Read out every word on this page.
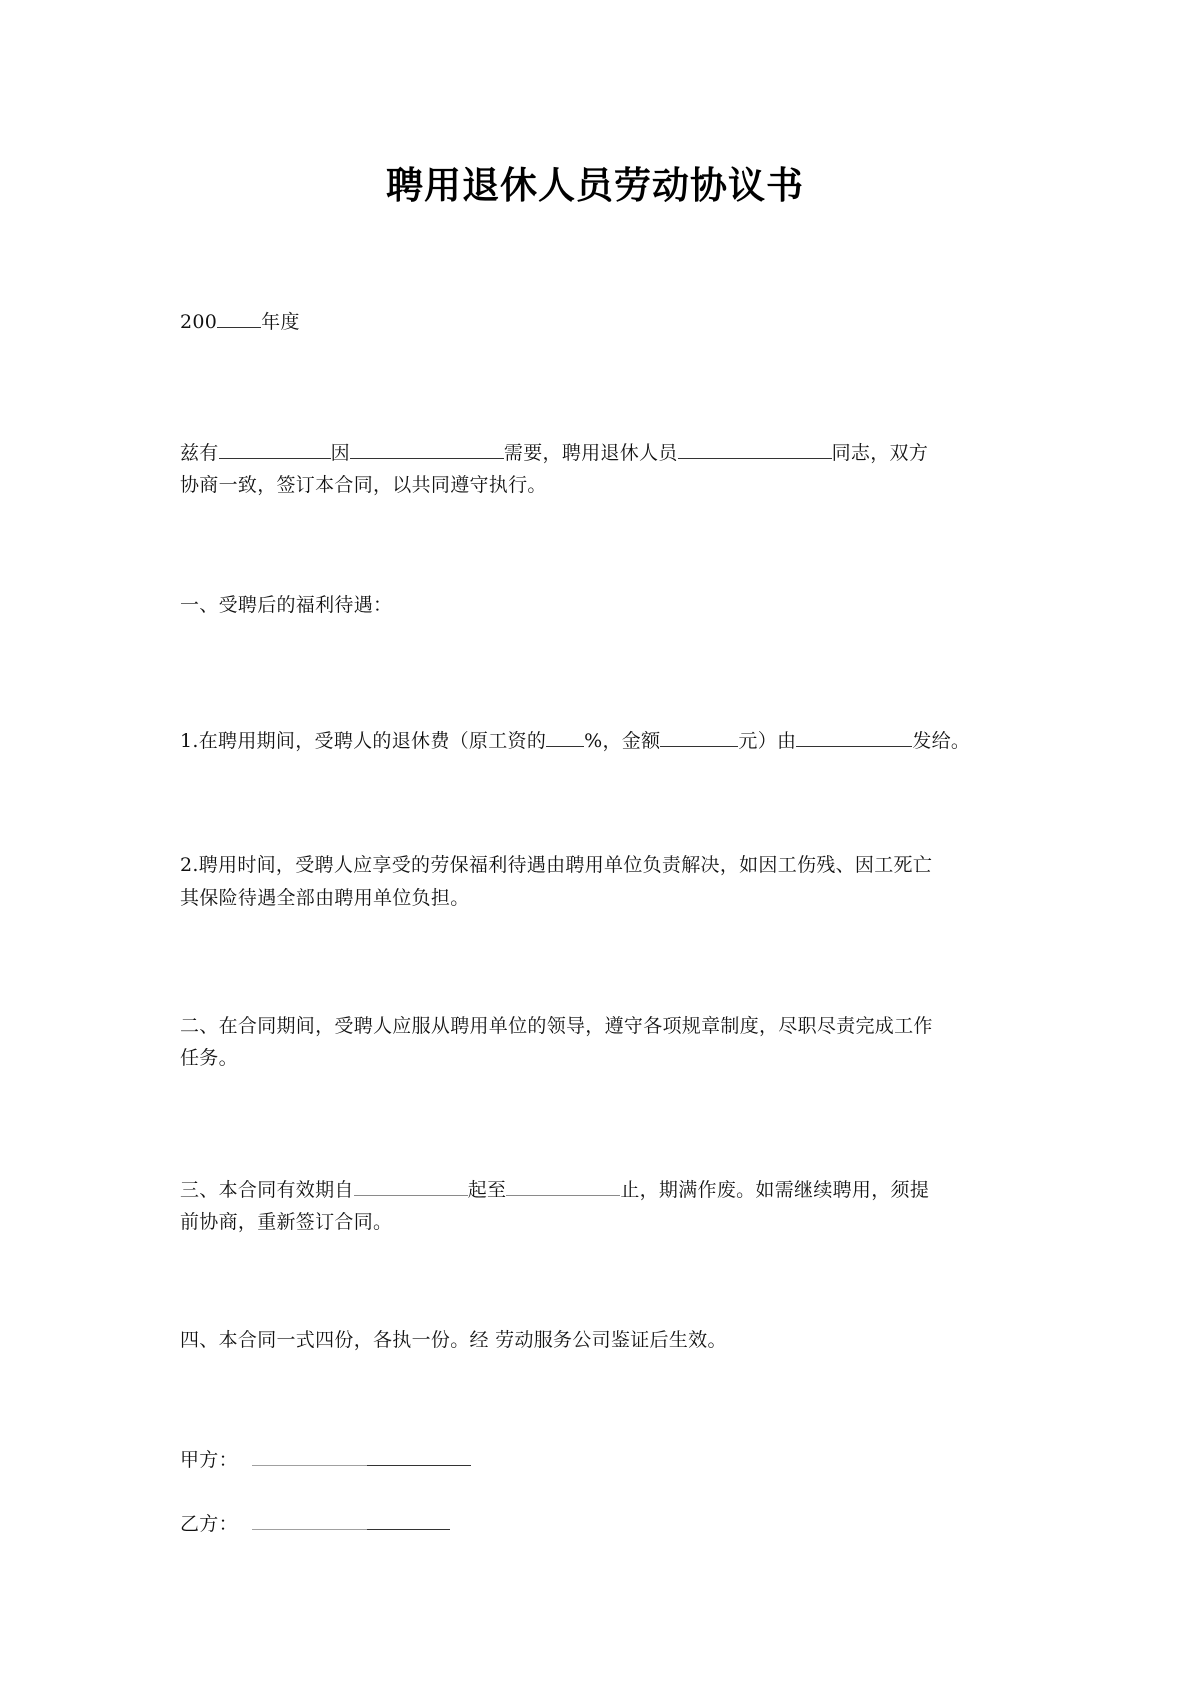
聘用退休人员劳动协议书
200 年度
兹有	因	需要，聘用退休人员	同志，双方
协商一致，签订本合同，以共同遵守执行。
一、受聘后的福利待遇：
1.在聘用期间，受聘人的退休费（原工资的 %，金额	元）由	发给。
2.聘用时间，受聘人应享受的劳保福利待遇由聘用单位负责解决，如因工伤残、因工死亡
其保险待遇全部由聘用单位负担。
二、在合同期间，受聘人应服从聘用单位的领导，遵守各项规章制度，尽职尽责完成工作
任务。
三、本合同有效期自	起至	止，期满作废。如需继续聘用，须提
前协商，重新签订合同。
四、本合同一式四份，各执一份。经 劳动服务公司鉴证后生效。
甲方：
乙方：
